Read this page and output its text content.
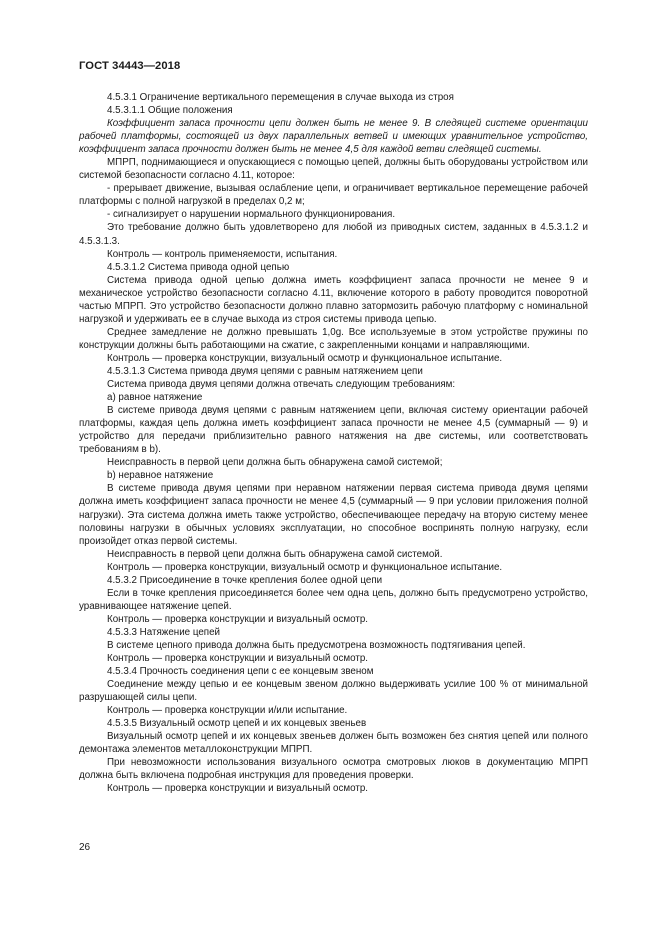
ГОСТ 34443—2018

4.5.3.1 Ограничение вертикального перемещения в случае выхода из строя

4.5.3.1.1 Общие положения

Коэффициент запаса прочности цепи должен быть не менее 9. В следящей системе ориентации рабочей платформы, состоящей из двух параллельных ветвей и имеющих уравнительное устройство, коэффициент запаса прочности должен быть не менее 4,5 для каждой ветви следящей системы.

МПРП, поднимающиеся и опускающиеся с помощью цепей, должны быть оборудованы устройством или системой безопасности согласно 4.11, которое:

- прерывает движение, вызывая ослабление цепи, и ограничивает вертикальное перемещение рабочей платформы с полной нагрузкой в пределах 0,2 м;

- сигнализирует о нарушении нормального функционирования.

Это требование должно быть удовлетворено для любой из приводных систем, заданных в 4.5.3.1.2 и 4.5.3.1.3.

Контроль — контроль применяемости, испытания.

4.5.3.1.2 Система привода одной цепью

Система привода одной цепью должна иметь коэффициент запаса прочности не менее 9 и механическое устройство безопасности согласно 4.11, включение которого в работу проводится поворотной частью МПРП. Это устройство безопасности должно плавно затормозить рабочую платформу с номинальной нагрузкой и удерживать ее в случае выхода из строя системы привода цепью.

Среднее замедление не должно превышать 1,0g. Все используемые в этом устройстве пружины по конструкции должны быть работающими на сжатие, с закрепленными концами и направляющими.

Контроль — проверка конструкции, визуальный осмотр и функциональное испытание.

4.5.3.1.3 Система привода двумя цепями с равным натяжением цепи

Система привода двумя цепями должна отвечать следующим требованиям:

a) равное натяжение

В системе привода двумя цепями с равным натяжением цепи, включая систему ориентации рабочей платформы, каждая цепь должна иметь коэффициент запаса прочности не менее 4,5 (суммарный — 9) и устройство для передачи приблизительно равного натяжения на две системы, или соответствовать требованиям в b).

Неисправность в первой цепи должна быть обнаружена самой системой;

b) неравное натяжение

В системе привода двумя цепями при неравном натяжении первая система привода двумя цепями должна иметь коэффициент запаса прочности не менее 4,5 (суммарный — 9 при условии приложения полной нагрузки). Эта система должна иметь также устройство, обеспечивающее передачу на вторую систему менее половины нагрузки в обычных условиях эксплуатации, но способное воспринять полную нагрузку, если произойдет отказ первой системы.

Неисправность в первой цепи должна быть обнаружена самой системой.

Контроль — проверка конструкции, визуальный осмотр и функциональное испытание.

4.5.3.2 Присоединение в точке крепления более одной цепи

Если в точке крепления присоединяется более чем одна цепь, должно быть предусмотрено устройство, уравнивающее натяжение цепей.

Контроль — проверка конструкции и визуальный осмотр.

4.5.3.3 Натяжение цепей

В системе цепного привода должна быть предусмотрена возможность подтягивания цепей.

Контроль — проверка конструкции и визуальный осмотр.

4.5.3.4 Прочность соединения цепи с ее концевым звеном

Соединение между цепью и ее концевым звеном должно выдерживать усилие 100 % от минимальной разрушающей силы цепи.

Контроль — проверка конструкции и/или испытание.

4.5.3.5 Визуальный осмотр цепей и их концевых звеньев

Визуальный осмотр цепей и их концевых звеньев должен быть возможен без снятия цепей или полного демонтажа элементов металлоконструкции МПРП.

При невозможности использования визуального осмотра смотровых люков в документацию МПРП должна быть включена подробная инструкция для проведения проверки.

Контроль — проверка конструкции и визуальный осмотр.

26
